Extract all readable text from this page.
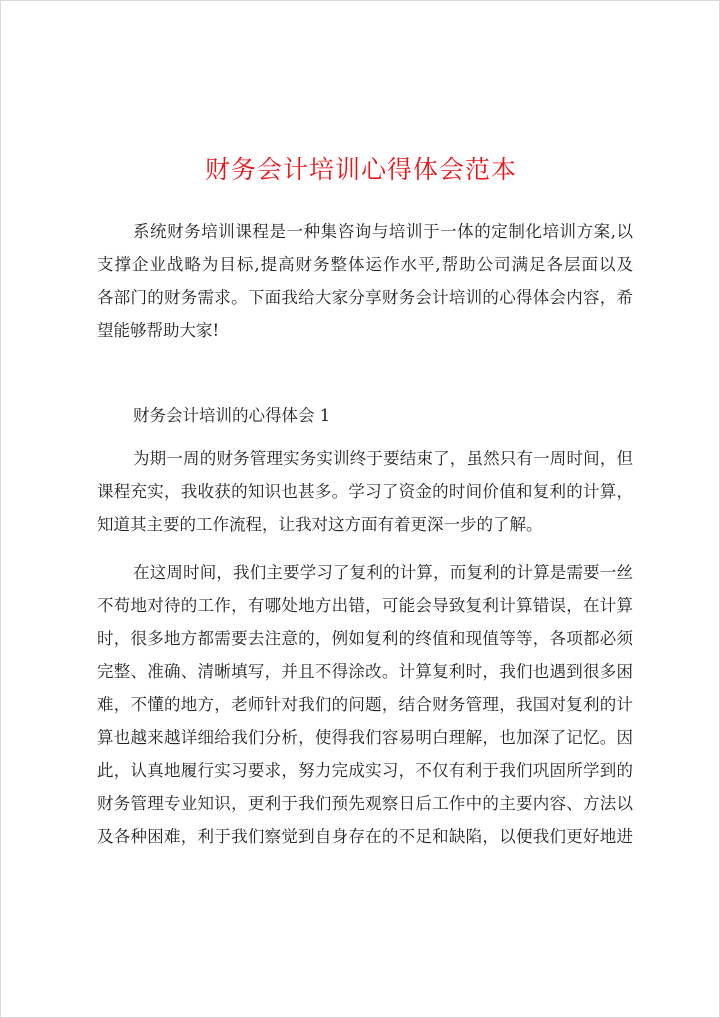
财务会计培训心得体会范本
系统财务培训课程是一种集咨询与培训于一体的定制化培训方案,以
支撑企业战略为目标,提高财务整体运作水平,帮助公司满足各层面以及
各部门的财务需求。下面我给大家分享财务会计培训的心得体会内容，希
望能够帮助大家!
财务会计培训的心得体会 1
为期一周的财务管理实务实训终于要结束了，虽然只有一周时间，但
课程充实，我收获的知识也甚多。学习了资金的时间价值和复利的计算，
知道其主要的工作流程，让我对这方面有着更深一步的了解。
在这周时间，我们主要学习了复利的计算，而复利的计算是需要一丝
不苟地对待的工作，有哪处地方出错，可能会导致复利计算错误，在计算
时，很多地方都需要去注意的，例如复利的终值和现值等等，各项都必须
完整、准确、清晰填写，并且不得涂改。计算复利时，我们也遇到很多困
难，不懂的地方，老师针对我们的问题，结合财务管理，我国对复利的计
算也越来越详细给我们分析，使得我们容易明白理解，也加深了记忆。因
此，认真地履行实习要求，努力完成实习，不仅有利于我们巩固所学到的
财务管理专业知识，更利于我们预先观察日后工作中的主要内容、方法以
及各种困难，利于我们察觉到自身存在的不足和缺陷，以便我们更好地进
